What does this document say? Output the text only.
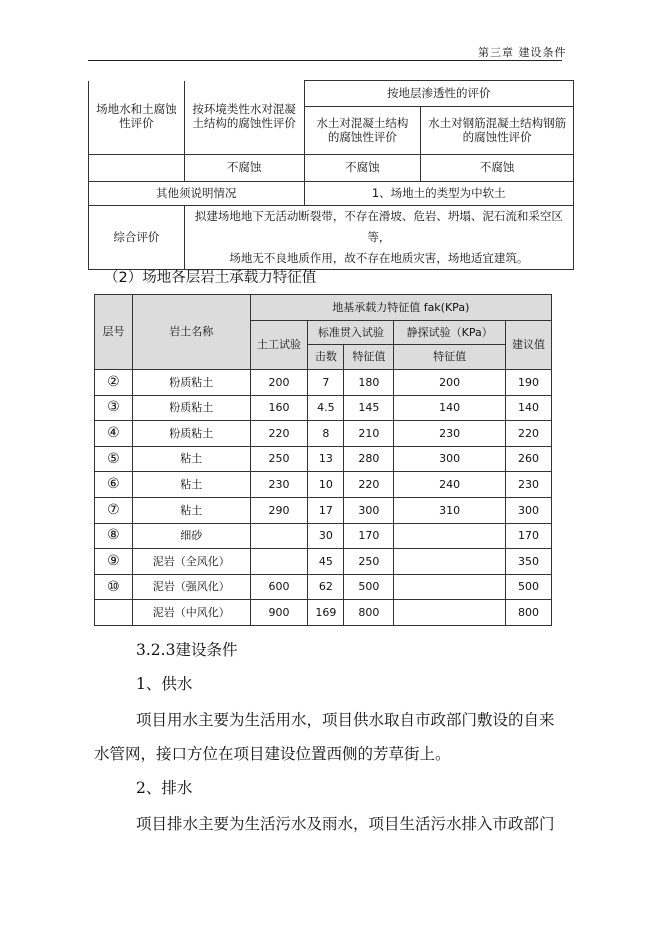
第三章 建设条件
场地水和土腐蚀性评价	按环境类性水对混凝土结构的腐蚀性评价	按地层渗透性的评价	
		水土对混凝土结构的腐蚀性评价	水土对钢筋混凝土结构钢筋的腐蚀性评价

	不腐蚀	不腐蚀	不腐蚀
其他须说明情况		1、场地土的类型为中软土	
综合评价	拟建场地地下无活动断裂带，不存在滑坡、危岩、坍塌、泥石流和采空区等，
场地无不良地质作用，故不存在地质灾害，场地适宜建筑。		
（2）场地各层岩土承载力特征值
层号	岩土名称	地基承载力特征值 fak(KPa)				
		土工试验	标准贯入试验		静探试验（KPa）	建议值
			击数	特征值	特征值	
②	粉质粘土	200	7	180	200	190
③	粉质粘土	160	4.5	145	140	140
④	粉质粘土	220	8	210	230	220
⑤	粘土	250	13	280	300	260
⑥	粘土	230	10	220	240	230
⑦	粘土	290	17	300	310	300
⑧	细砂		30	170		170
⑨	泥岩（全风化）		45	250		350
⑩	泥岩（强风化）	600	62	500		500
	泥岩（中风化）	900	169	800		800
3.2.3建设条件
1、供水
项目用水主要为生活用水，项目供水取自市政部门敷设的自来
水管网，接口方位在项目建设位置西侧的芳草街上。
2、排水
项目排水主要为生活污水及雨水，项目生活污水排入市政部门
